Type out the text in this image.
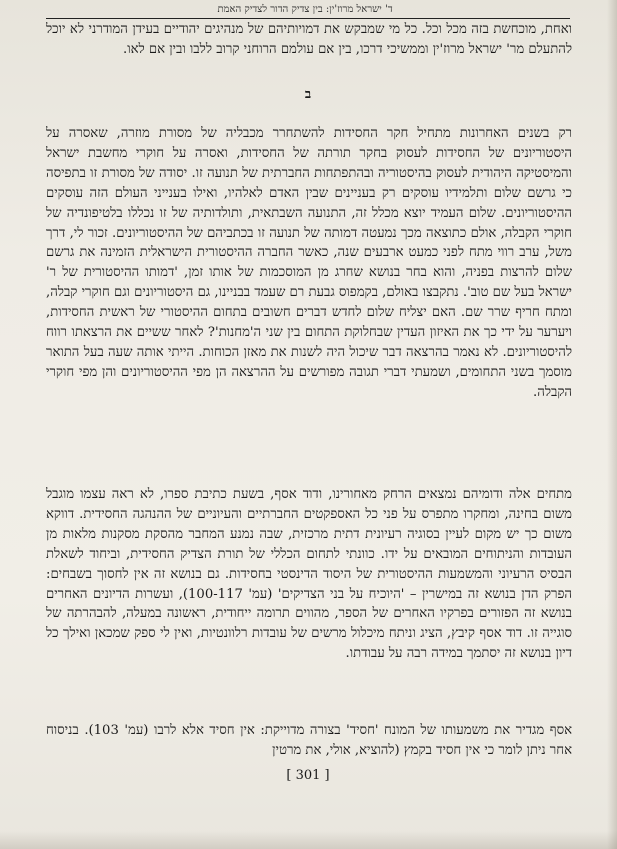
ד' ישראל מרוז'ין: בין צדיק הדור לצדיק האמת

ואחת, מוכחשת בזה מכל וכל. כל מי שמבקש את דמויותיהם של מנהיגים יהודיים בעידן המודרני לא יוכל להתעלם מר' ישראל מרוז'ין וממשיכי דרכו, בין אם עולמם הרוחני קרוב ללבו ובין אם לאו.

ב

רק בשנים האחרונות מתחיל חקר החסידות להשתחרר מכבליה של מסורת מוזרה, שאסרה על היסטוריונים של החסידות לעסוק בחקר תורתה של החסידות, ואסרה על חוקרי מחשבת ישראל והמיסטיקה היהודית לעסוק בהיסטוריה ובהתפתחות החברתית של תנועה זו. יסודה של מסורת זו בתפיסה כי גרשם שלום ותלמידיו עוסקים רק בעניינים שבין האדם לאלהיו, ואילו בענייני העולם הזה עוסקים ההיסטוריונים. שלום העמיד יוצא מכלל זה, התנועה השבתאית, ותולדותיה של זו נכללו בלטיפונדיה של חוקרי הקבלה, אולם כתוצאה מכך נמעטה דמותה של תנועה זו בכתביהם של ההיסטוריונים. זכור לי, דרך משל, ערב רווי מתח לפני כמעט ארבעים שנה, כאשר החברה ההיסטורית הישראלית הזמינה את גרשם שלום להרצות בפניה, והוא בחר בנושא שחרג מן המוסכמות של אותו זמן, 'דמותו ההיסטורית של ר' ישראל בעל שם טוב'. נתקבצו באולם, בקמפוס גבעת רם שעמד בבניינו, גם היסטוריונים וגם חוקרי קבלה, ומתח חריף שרר שם. האם יצליח שלום לחדש דברים חשובים בתחום ההיסטורי של ראשית החסידות, ויערער על ידי כך את האיזון העדין שבחלוקת התחום בין שני ה'מחנות'? לאחר ששיים את הרצאתו רווח להיסטוריונים. לא נאמר בהרצאה דבר שיכול היה לשנות את מאזן הכוחות. הייתי אותה שעה בעל התואר מוסמך בשני התחומים, ושמעתי דברי תגובה מפורשים על ההרצאה הן מפי ההיסטוריונים והן מפי חוקרי הקבלה.

מתחים אלה ודומיהם נמצאים הרחק מאחורינו, ודוד אסף, בשעת כתיבת ספרו, לא ראה עצמו מוגבל משום בחינה, ומחקרו מתפרס על פני כל האספקטים החברתיים והעיוניים של ההנהגה החסידית. דווקא משום כך יש מקום לעיין בסוגיה רעיונית דתית מרכזית, שבה נמנע המחבר מהסקת מסקנות מלאות מן העובדות והניתוחים המובאים על ידו. כוונתי לתחום הכללי של תורת הצדיק החסידית, וביחוד לשאלת הבסיס הרעיוני והמשמעות ההיסטורית של היסוד הדינסטי בחסידות. גם בנושא זה אין לחסוך בשבחים: הפרק הדן בנושא זה במישרין – 'היוכיח על בני הצדיקים' (עמ' 100-117), ועשרות הדיונים האחרים בנושא זה הפזורים בפרקיו האחרים של הספר, מהווים תרומה ייחודית, ראשונה במעלה, להבהרתה של סוגייה זו. דוד אסף קיבץ, הציג וניתח מיכלול מרשים של עובדות רלוונטיות, ואין לי ספק שמכאן ואילך כל דיון בנושא זה יסתמך במידה רבה על עבודתו.

אסף מגדיר את משמעותו של המונח 'חסיד' בצורה מדוייקת: אין חסיד אלא לרבו (עמ' 103). בניסוח אחר ניתן לומר כי אין חסיד בקמץ (להוציא, אולי, את מרטין

[ 301 ]
